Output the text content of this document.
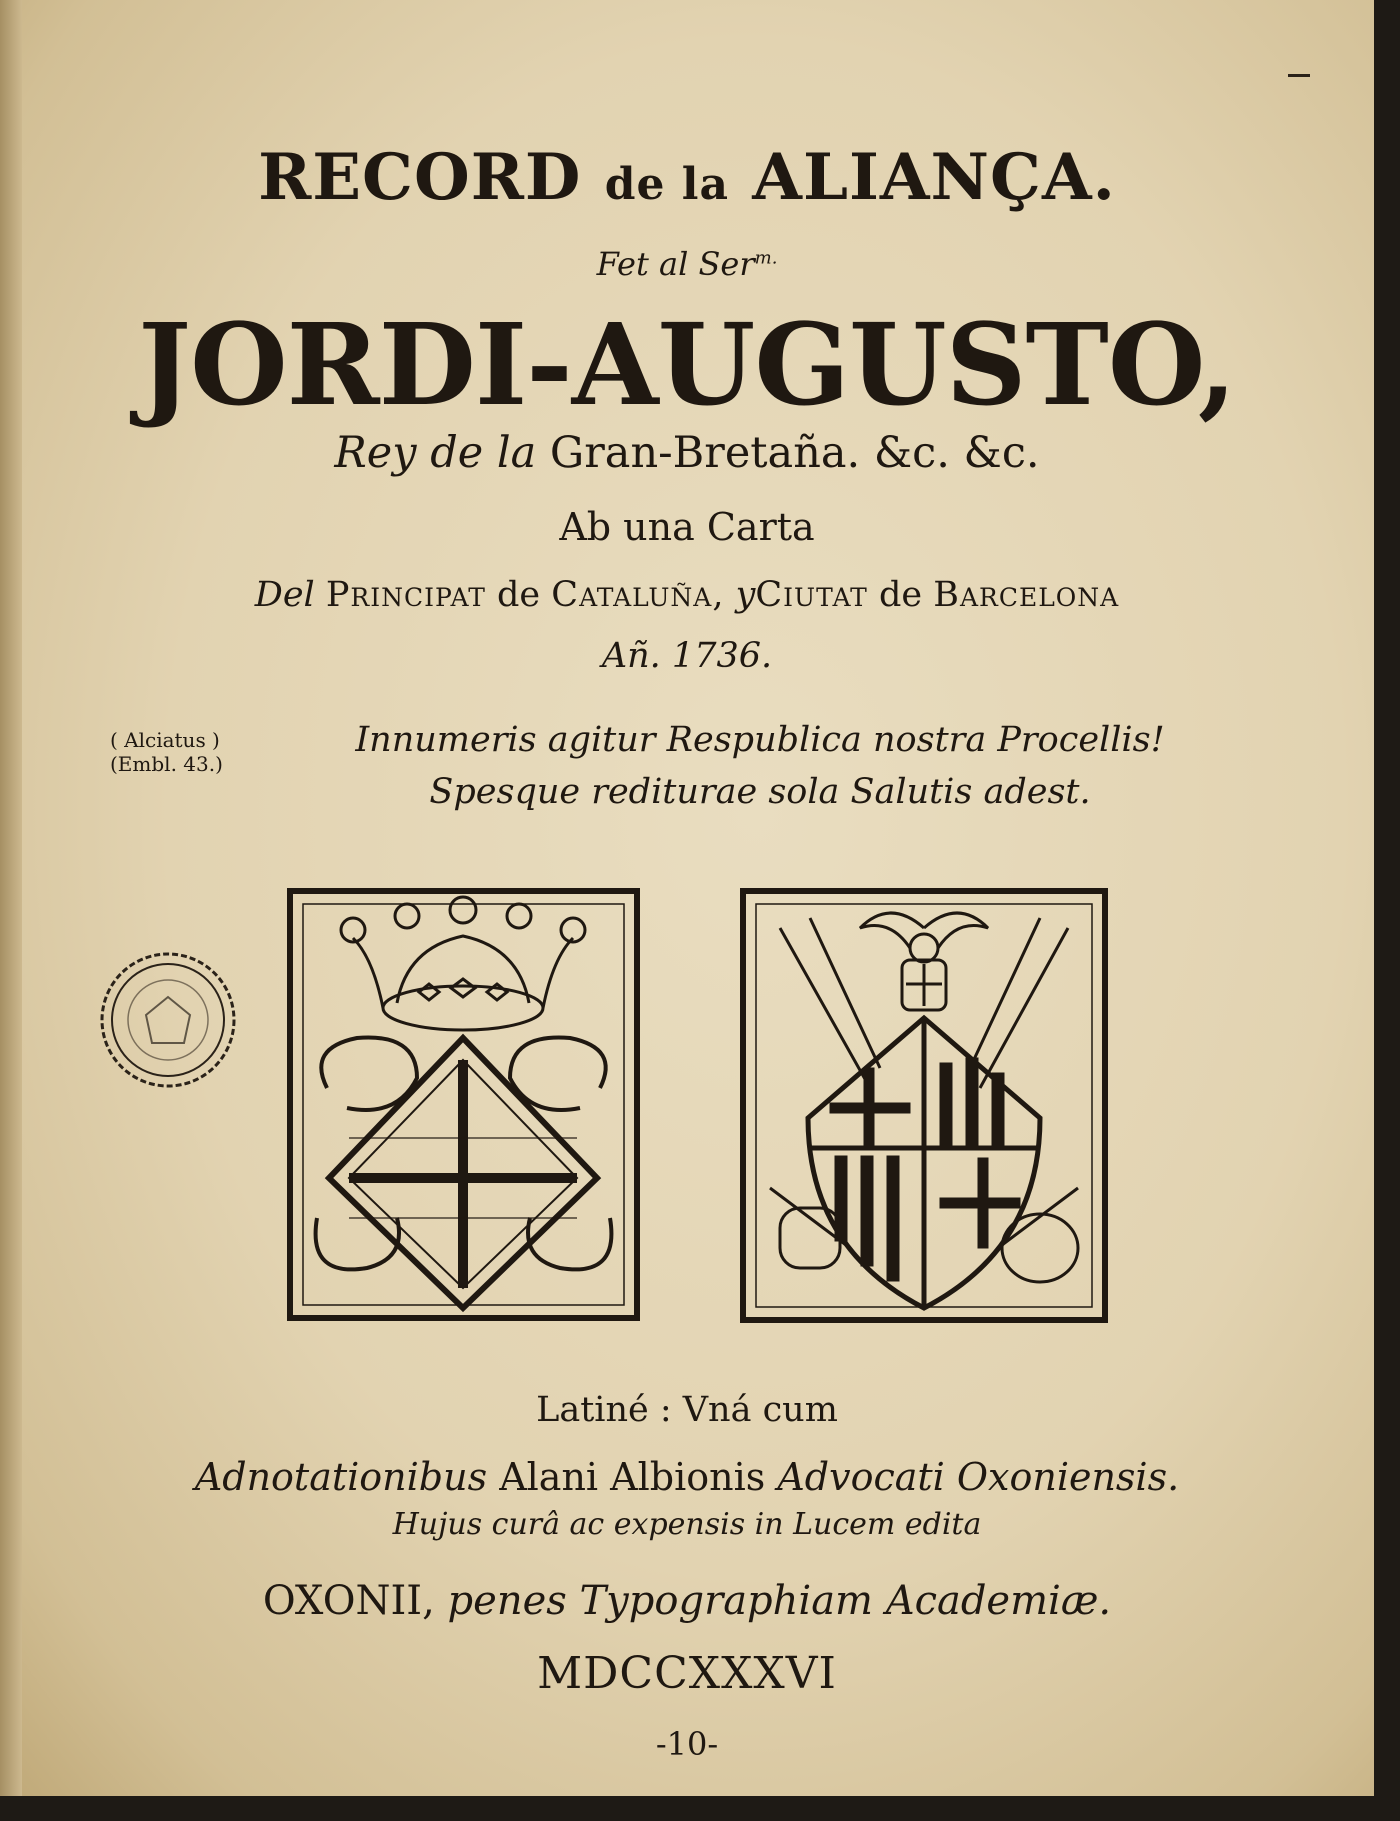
RECORD de la ALIANÇA.
Fet al Ser$^{m.}$
JORDI-AUGUSTO,
Rey de la Gran-Bretaña. &c. &c.
Ab una Carta
Del Principat de Cataluña, yCiutat de Barcelona
Añ. 1736.
( Alciatus )
(Embl. 43.)
Innumeris agitur Respublica nostra Procellis!
Spesque rediturae sola Salutis adest.
Latiné : Vná cum
Adnotationibus Alani Albionis Advocati Oxoniensis.
Hujus curâ ac expensis in Lucem edita
OXONII, penes Typographiam Academiæ.
MDCCXXXVI
-10-
